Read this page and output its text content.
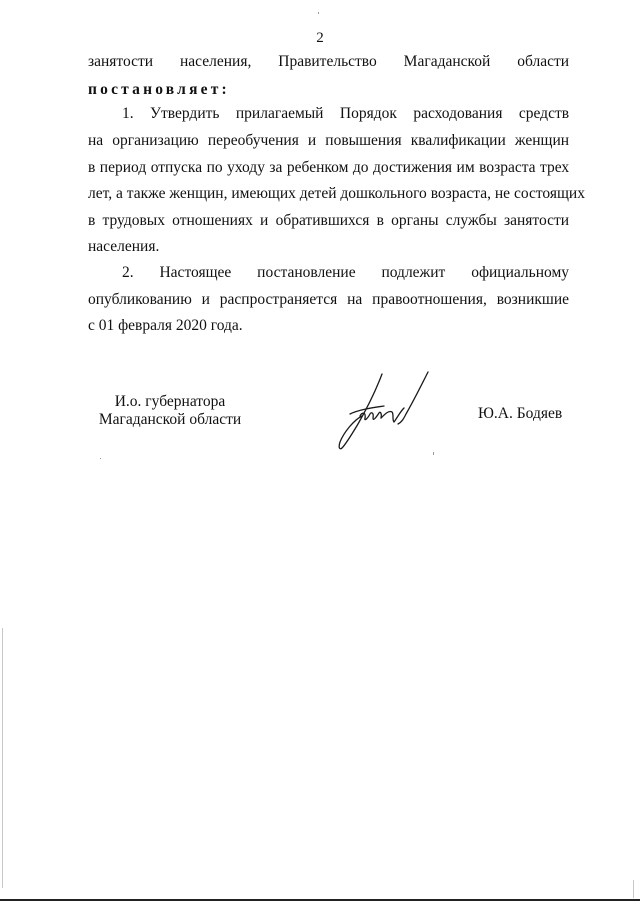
2
занятости населения, Правительство Магаданской области
постановляет:
1. Утвердить прилагаемый Порядок расходования средств
на организацию переобучения и повышения квалификации женщин
в период отпуска по уходу за ребенком до достижения им возраста трех
лет, а также женщин, имеющих детей дошкольного возраста, не состоящих
в трудовых отношениях и обратившихся в органы службы занятости
населения.
2. Настоящее постановление подлежит официальному
опубликованию и распространяется на правоотношения, возникшие
с 01 февраля 2020 года.
И.о. губернатора
Магаданской области	Ю.А. Бодяев
